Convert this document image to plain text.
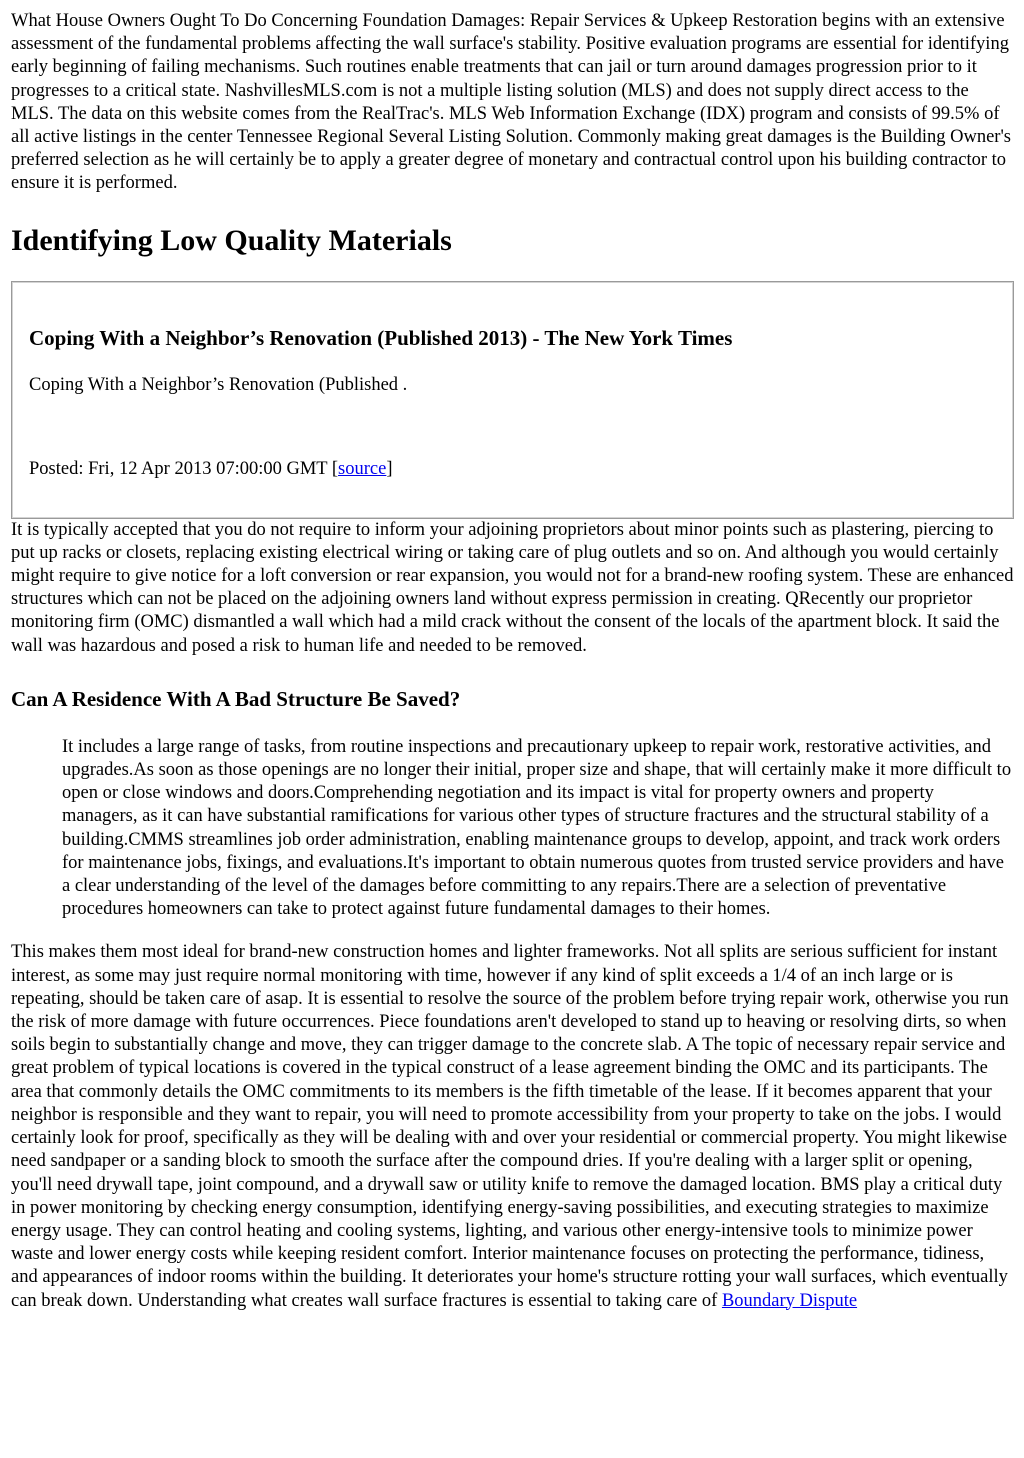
What House Owners Ought To Do Concerning Foundation Damages: Repair Services & Upkeep Restoration begins with an extensive assessment of the fundamental problems affecting the wall surface's stability. Positive evaluation programs are essential for identifying early beginning of failing mechanisms. Such routines enable treatments that can jail or turn around damages progression prior to it progresses to a critical state. NashvillesMLS.com is not a multiple listing solution (MLS) and does not supply direct access to the MLS. The data on this website comes from the RealTrac's. MLS Web Information Exchange (IDX) program and consists of 99.5% of all active listings in the center Tennessee Regional Several Listing Solution. Commonly making great damages is the Building Owner's preferred selection as he will certainly be to apply a greater degree of monetary and contractual control upon his building contractor to ensure it is performed.

Identifying Low Quality Materials
Coping With a Neighbor’s Renovation (Published 2013) - The New York Times

Coping With a Neighbor’s Renovation (Published .

Posted: Fri, 12 Apr 2013 07:00:00 GMT [source]

It is typically accepted that you do not require to inform your adjoining proprietors about minor points such as plastering, piercing to put up racks or closets, replacing existing electrical wiring or taking care of plug outlets and so on. And although you would certainly might require to give notice for a loft conversion or rear expansion, you would not for a brand-new roofing system. These are enhanced structures which can not be placed on the adjoining owners land without express permission in creating. QRecently our proprietor monitoring firm (OMC) dismantled a wall which had a mild crack without the consent of the locals of the apartment block. It said the wall was hazardous and posed a risk to human life and needed to be removed.

Can A Residence With A Bad Structure Be Saved?
It includes a large range of tasks, from routine inspections and precautionary upkeep to repair work, restorative activities, and upgrades.As soon as those openings are no longer their initial, proper size and shape, that will certainly make it more difficult to open or close windows and doors.Comprehending negotiation and its impact is vital for property owners and property managers, as it can have substantial ramifications for various other types of structure fractures and the structural stability of a building.CMMS streamlines job order administration, enabling maintenance groups to develop, appoint, and track work orders for maintenance jobs, fixings, and evaluations.It's important to obtain numerous quotes from trusted service providers and have a clear understanding of the level of the damages before committing to any repairs.There are a selection of preventative procedures homeowners can take to protect against future fundamental damages to their homes.

This makes them most ideal for brand-new construction homes and lighter frameworks. Not all splits are serious sufficient for instant interest, as some may just require normal monitoring with time, however if any kind of split exceeds a 1/4 of an inch large or is repeating, should be taken care of asap. It is essential to resolve the source of the problem before trying repair work, otherwise you run the risk of more damage with future occurrences. Piece foundations aren't developed to stand up to heaving or resolving dirts, so when soils begin to substantially change and move, they can trigger damage to the concrete slab. A The topic of necessary repair service and great problem of typical locations is covered in the typical construct of a lease agreement binding the OMC and its participants. The area that commonly details the OMC commitments to its members is the fifth timetable of the lease. If it becomes apparent that your neighbor is responsible and they want to repair, you will need to promote accessibility from your property to take on the jobs. I would certainly look for proof, specifically as they will be dealing with and over your residential or commercial property. You might likewise need sandpaper or a sanding block to smooth the surface after the compound dries. If you're dealing with a larger split or opening, you'll need drywall tape, joint compound, and a drywall saw or utility knife to remove the damaged location. BMS play a critical duty in power monitoring by checking energy consumption, identifying energy-saving possibilities, and executing strategies to maximize energy usage. They can control heating and cooling systems, lighting, and various other energy-intensive tools to minimize power waste and lower energy costs while keeping resident comfort. Interior maintenance focuses on protecting the performance, tidiness, and appearances of indoor rooms within the building. It deteriorates your home's structure rotting your wall surfaces, which eventually can break down. Understanding what creates wall surface fractures is essential to taking care of Boundary Dispute
